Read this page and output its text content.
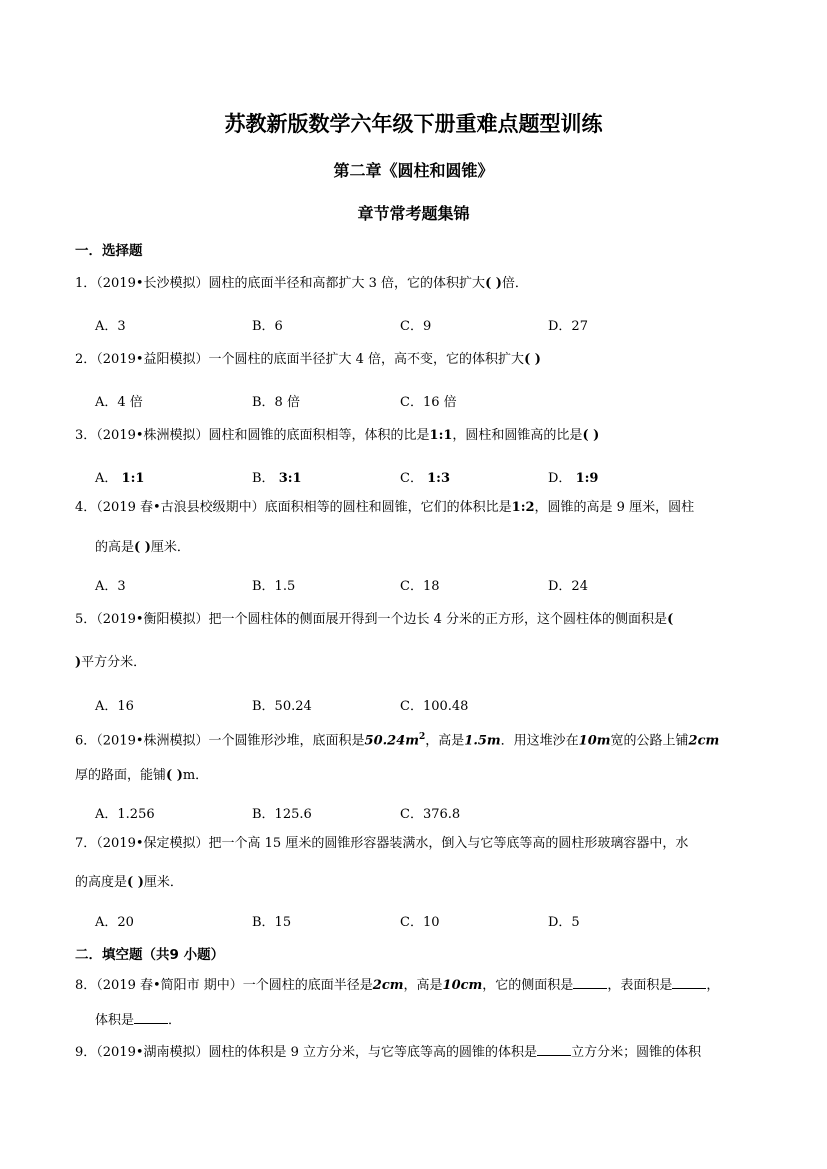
苏教新版数学六年级下册重难点题型训练
第二章《圆柱和圆锥》
章节常考题集锦
一．选择题
1．（2019•长沙模拟）圆柱的底面半径和高都扩大 3 倍，它的体积扩大( )倍．
A．3	B．6	C．9	D．27
2．（2019•益阳模拟）一个圆柱的底面半径扩大 4 倍，高不变，它的体积扩大( )
A．4 倍	B．8 倍	C．16 倍
3．（2019•株洲模拟）圆柱和圆锥的底面积相等，体积的比是1:1，圆柱和圆锥高的比是( )
A． 1:1	B． 3:1	C． 1:3	D． 1:9
4．（2019 春•古浪县校级期中）底面积相等的圆柱和圆锥，它们的体积比是1:2，圆锥的高是 9 厘米，圆柱
的高是( )厘米．
A．3	B．1.5	C．18	D．24
5．（2019•衡阳模拟）把一个圆柱体的侧面展开得到一个边长 4 分米的正方形，这个圆柱体的侧面积是(
)平方分米．
A．16	B．50.24	C．100.48
6．（2019•株洲模拟）一个圆锥形沙堆，底面积是$50.24m^2$，高是1.5m．用这堆沙在10m宽的公路上铺2cm
厚的路面，能铺( )m．
A．1.256	B．125.6	C．376.8
7．（2019•保定模拟）把一个高 15 厘米的圆锥形容器装满水，倒入与它等底等高的圆柱形玻璃容器中，水
的高度是( )厘米．
A．20	B．15	C．10	D．5
二．填空题（共9 小题）
8．（2019 春•简阳市 期中）一个圆柱的底面半径是2cm，高是10cm，它的侧面积是	，表面积是	，
体积是	．
9．（2019•湖南模拟）圆柱的体积是 9 立方分米，与它等底等高的圆锥的体积是	立方分米；圆锥的体积
